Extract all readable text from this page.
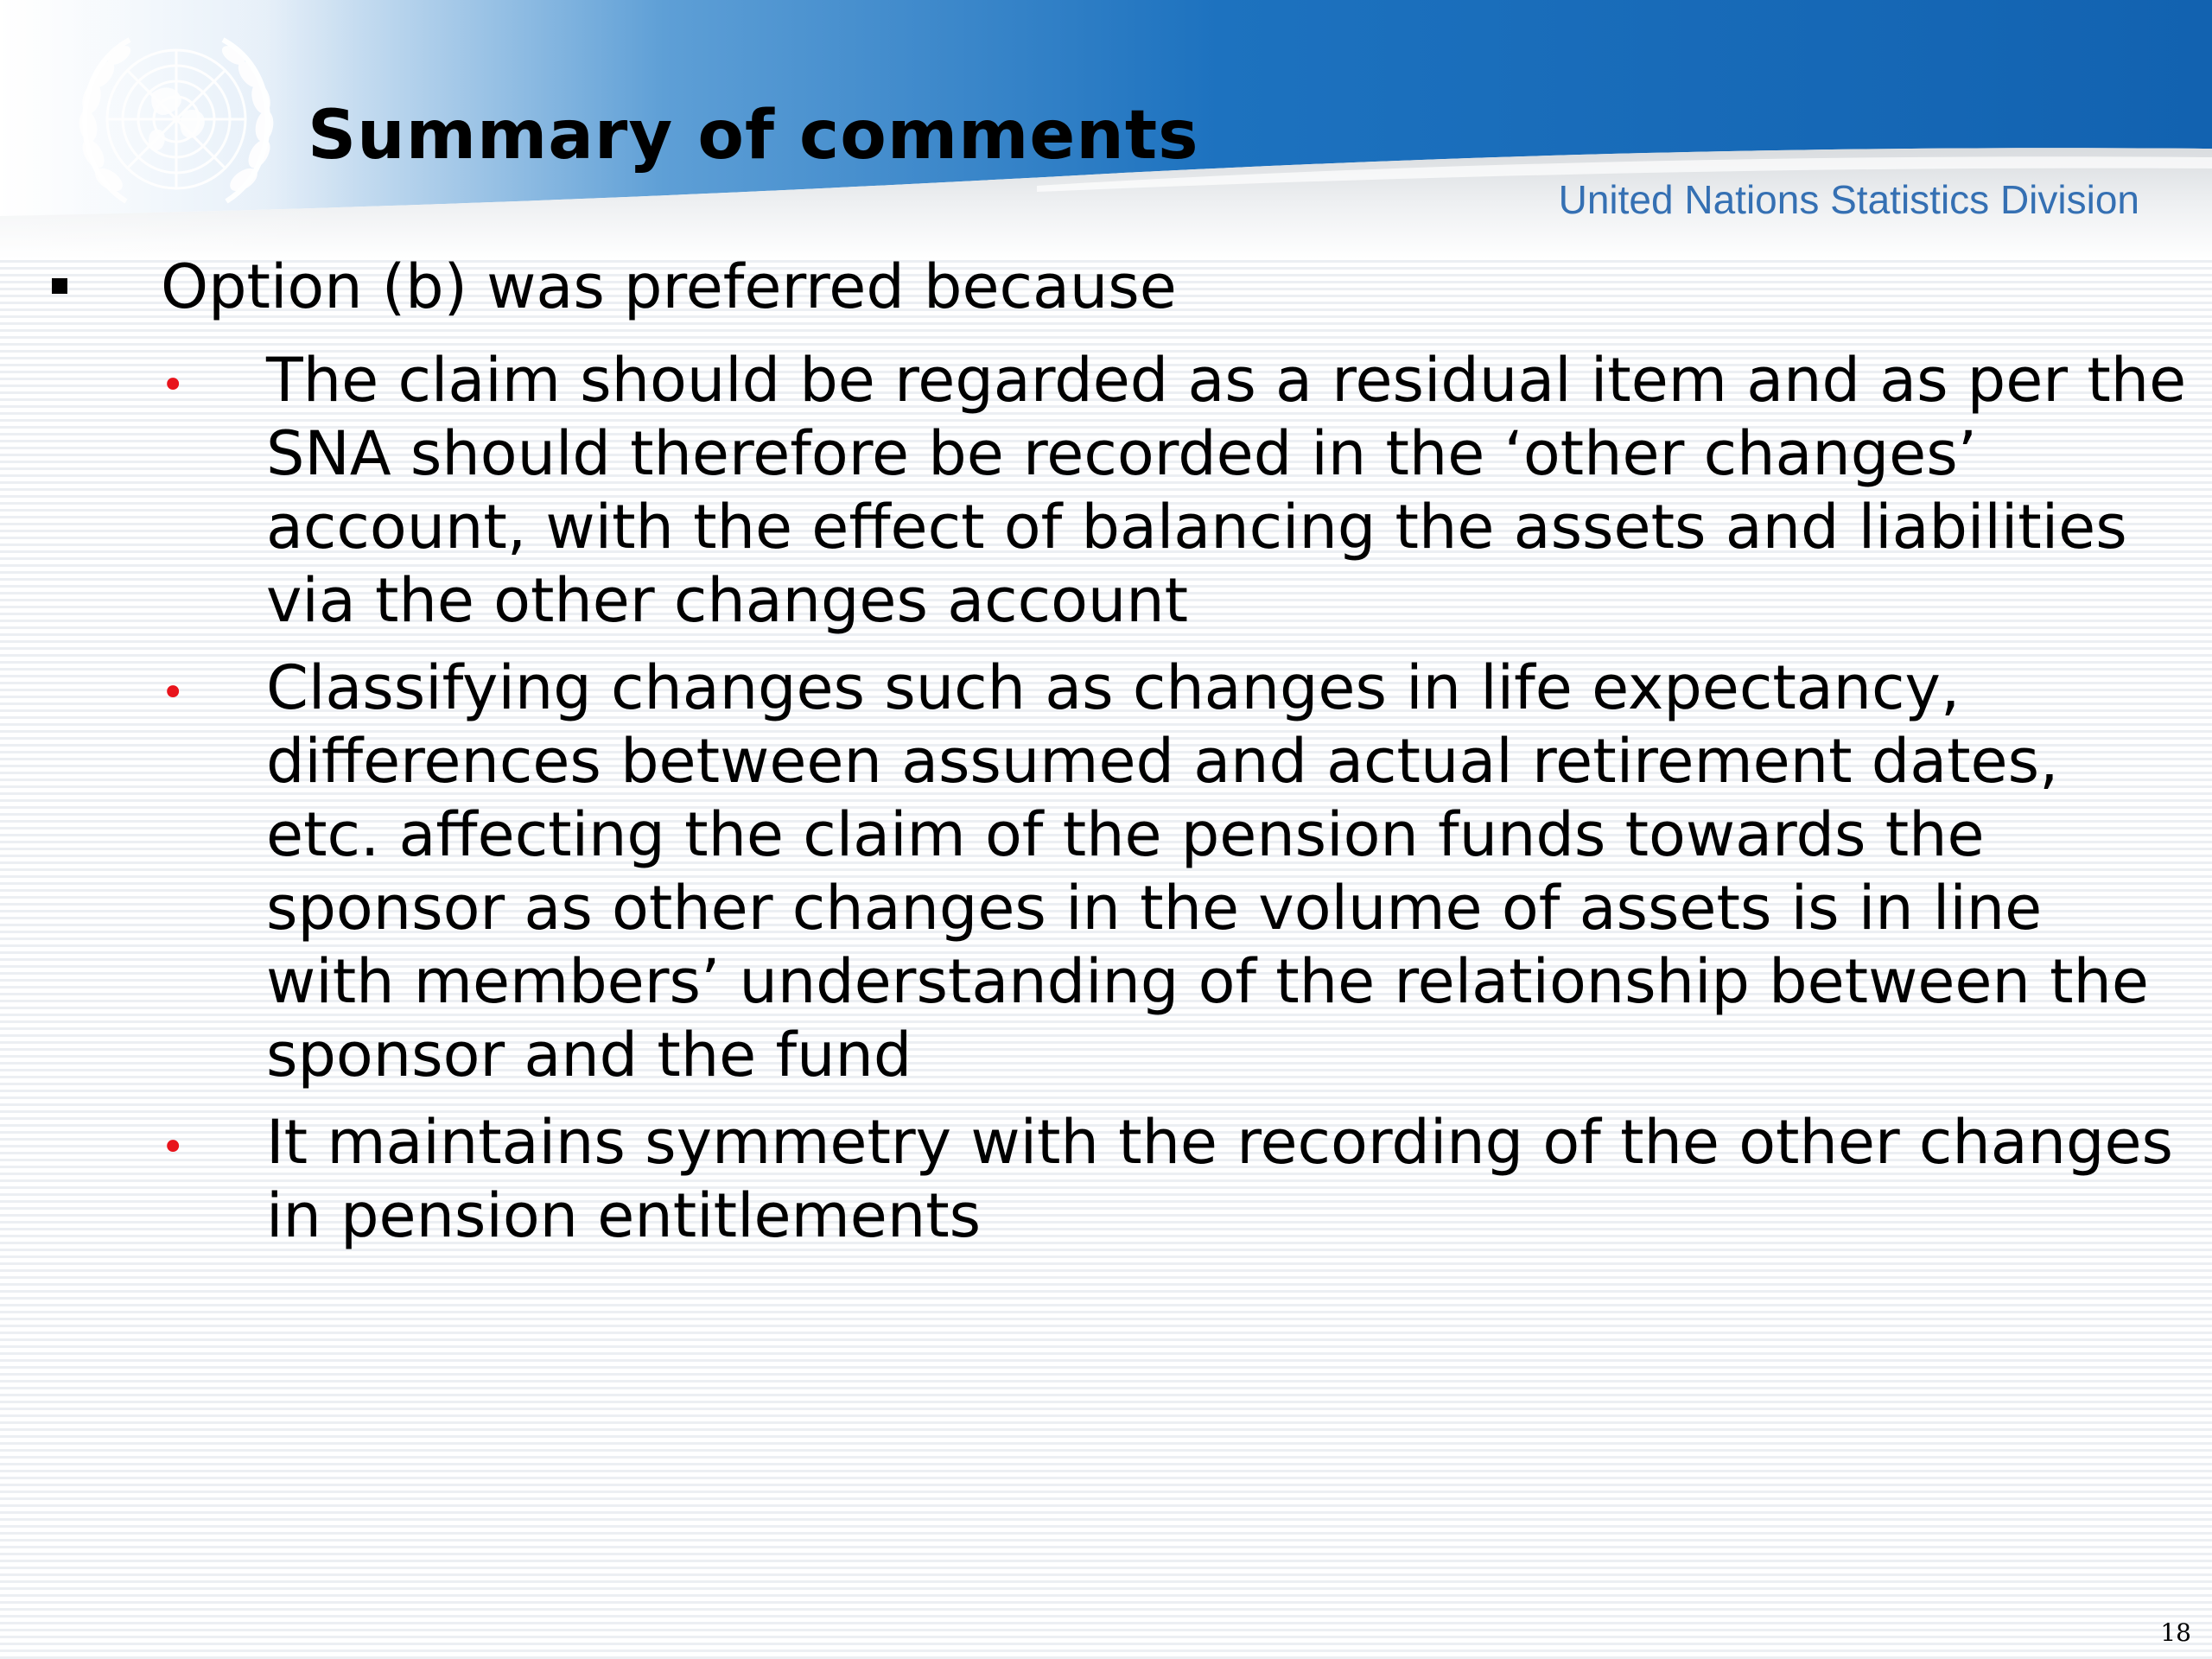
Summary of comments
United Nations Statistics Division
Option (b) was preferred because
• The claim should be regarded as a residual item and as per the SNA should therefore be recorded in the ‘other changes’ account, with the effect of balancing the assets and liabilities via the other changes account
• Classifying changes such as changes in life expectancy, differences between assumed and actual retirement dates, etc. affecting the claim of the pension funds towards the sponsor as other changes in the volume of assets is in line with members’ understanding of the relationship between the sponsor and the fund
• It maintains symmetry with the recording of the other changes in pension entitlements
18
